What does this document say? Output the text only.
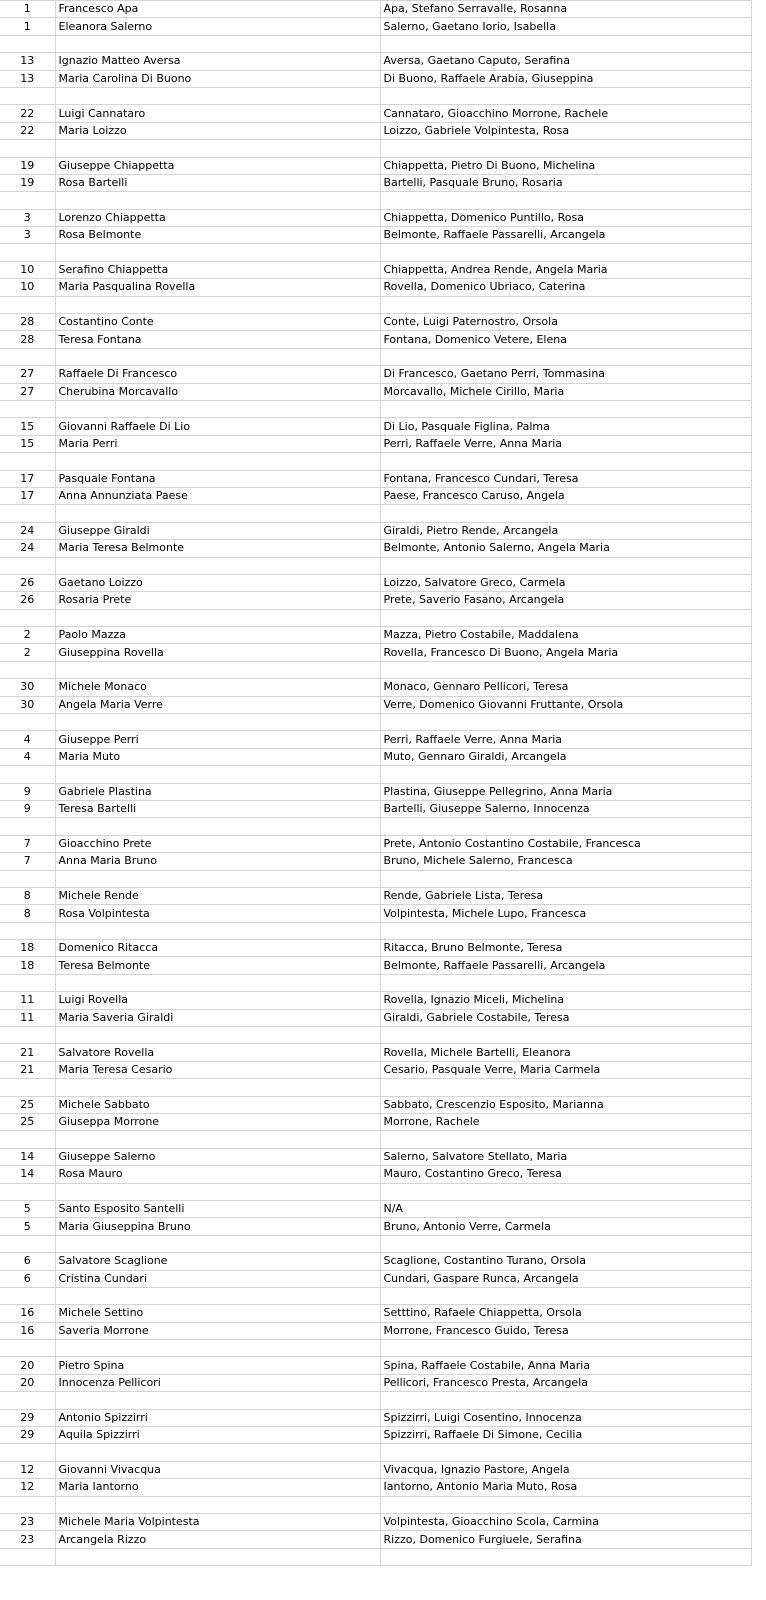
1	Francesco Apa	Apa, Stefano Serravalle, Rosanna
1	Eleanora Salerno	Salerno, Gaetano Iorio, Isabella

13	Ignazio Matteo Aversa	Aversa, Gaetano Caputo, Serafina
13	Maria Carolina Di Buono	Di Buono, Raffaele Arabia, Giuseppina

22	Luigi Cannataro	Cannataro, Gioacchino Morrone, Rachele
22	Maria Loizzo	Loizzo, Gabriele Volpintesta, Rosa

19	Giuseppe Chiappetta	Chiappetta, Pietro Di Buono, Michelina
19	Rosa Bartelli	Bartelli, Pasquale Bruno, Rosaria

3	Lorenzo Chiappetta	Chiappetta, Domenico Puntillo, Rosa
3	Rosa Belmonte	Belmonte, Raffaele Passarelli, Arcangela

10	Serafino Chiappetta	Chiappetta, Andrea Rende, Angela Maria
10	Maria Pasqualina Rovella	Rovella, Domenico Ubriaco, Caterina

28	Costantino Conte	Conte, Luigi Paternostro, Orsola
28	Teresa Fontana	Fontana, Domenico Vetere, Elena

27	Raffaele Di Francesco	Di Francesco, Gaetano Perri, Tommasina
27	Cherubina Morcavallo	Morcavallo, Michele Cirillo, Maria

15	Giovanni Raffaele Di Lio	Di Lio, Pasquale Figlina, Palma
15	Maria Perri	Perri, Raffaele Verre, Anna Maria

17	Pasquale Fontana	Fontana, Francesco Cundari, Teresa
17	Anna Annunziata Paese	Paese, Francesco Caruso, Angela

24	Giuseppe Giraldi	Giraldi, Pietro Rende, Arcangela
24	Maria Teresa Belmonte	Belmonte, Antonio Salerno, Angela Maria

26	Gaetano Loizzo	Loizzo, Salvatore Greco, Carmela
26	Rosaria Prete	Prete, Saverio Fasano, Arcangela

2	Paolo Mazza	Mazza, Pietro Costabile, Maddalena
2	Giuseppina Rovella	Rovella, Francesco Di Buono, Angela Maria

30	Michele Monaco	Monaco, Gennaro Pellicori, Teresa
30	Angela Maria Verre	Verre, Domenico Giovanni Fruttante, Orsola

4	Giuseppe Perri	Perri, Raffaele Verre, Anna Maria
4	Maria Muto	Muto, Gennaro Giraldi, Arcangela

9	Gabriele Plastina	Plastina, Giuseppe Pellegrino, Anna Maria
9	Teresa Bartelli	Bartelli, Giuseppe Salerno, Innocenza

7	Gioacchino Prete	Prete, Antonio Costantino Costabile, Francesca
7	Anna Maria Bruno	Bruno, Michele Salerno, Francesca

8	Michele Rende	Rende, Gabriele Lista, Teresa
8	Rosa Volpintesta	Volpintesta, Michele Lupo, Francesca

18	Domenico Ritacca	Ritacca, Bruno Belmonte, Teresa
18	Teresa Belmonte	Belmonte, Raffaele Passarelli, Arcangela

11	Luigi Rovella	Rovella, Ignazio Miceli, Michelina
11	Maria Saveria Giraldi	Giraldi, Gabriele Costabile, Teresa

21	Salvatore Rovella	Rovella, Michele Bartelli, Eleanora
21	Maria Teresa Cesario	Cesario, Pasquale Verre, Maria Carmela

25	Michele Sabbato	Sabbato, Crescenzio Esposito, Marianna
25	Giuseppa Morrone	Morrone, Rachele

14	Giuseppe Salerno	Salerno, Salvatore Stellato, Maria
14	Rosa Mauro	Mauro, Costantino Greco, Teresa

5	Santo Esposito Santelli	N/A
5	Maria Giuseppina Bruno	Bruno, Antonio Verre, Carmela

6	Salvatore Scaglione	Scaglione, Costantino Turano, Orsola
6	Cristina Cundari	Cundari, Gaspare Runca, Arcangela

16	Michele Settino	Setttino, Rafaele Chiappetta, Orsola
16	Saveria Morrone	Morrone, Francesco Guido, Teresa

20	Pietro Spina	Spina, Raffaele Costabile, Anna Maria
20	Innocenza Pellicori	Pellicori, Francesco Presta, Arcangela

29	Antonio Spizzirri	Spizzirri, Luigi Cosentino, Innocenza
29	Aquila Spizzirri	Spizzirri, Raffaele Di Simone, Cecilia

12	Giovanni Vivacqua	Vivacqua, Ignazio Pastore, Angela
12	Maria Iantorno	Iantorno, Antonio Maria Muto, Rosa

23	Michele Maria Volpintesta	Volpintesta, Gioacchino Scola, Carmina
23	Arcangela Rizzo	Rizzo, Domenico Furgiuele, Serafina
